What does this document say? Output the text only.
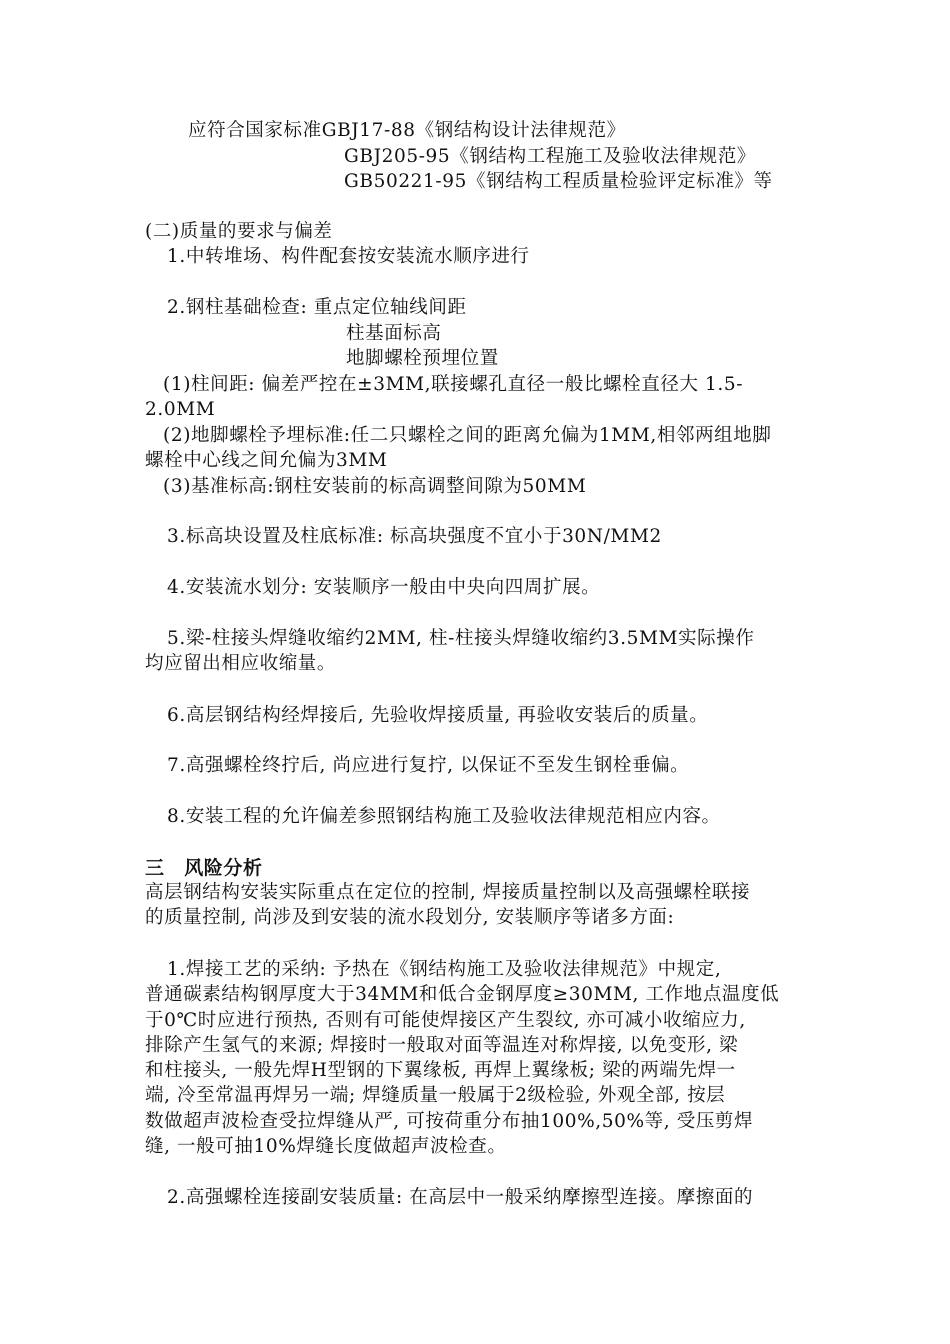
应符合国家标准GBJ17-88《钢结构设计法律规范》
GBJ205-95《钢结构工程施工及验收法律规范》
GB50221-95《钢结构工程质量检验评定标准》等
(二)质量的要求与偏差
1.中转堆场、构件配套按安装流水顺序进行
2.钢柱基础检查: 重点定位轴线间距
柱基面标高
地脚螺栓预埋位置
(1)柱间距: 偏差严控在±3MM,联接螺孔直径一般比螺栓直径大 1.5-
2.0MM
(2)地脚螺栓予埋标准:任二只螺栓之间的距离允偏为1MM,相邻两组地脚
螺栓中心线之间允偏为3MM
(3)基准标高:钢柱安装前的标高调整间隙为50MM
3.标高块设置及柱底标准: 标高块强度不宜小于30N/MM2
4.安装流水划分: 安装顺序一般由中央向四周扩展。
5.梁-柱接头焊缝收缩约2MM, 柱-柱接头焊缝收缩约3.5MM实际操作
均应留出相应收缩量。
6.高层钢结构经焊接后, 先验收焊接质量, 再验收安装后的质量。
7.高强螺栓终拧后, 尚应进行复拧, 以保证不至发生钢栓垂偏。
8.安装工程的允许偏差参照钢结构施工及验收法律规范相应内容。
三　风险分析
高层钢结构安装实际重点在定位的控制, 焊接质量控制以及高强螺栓联接
的质量控制, 尚涉及到安装的流水段划分, 安装顺序等诸多方面:
1.焊接工艺的采纳: 予热在《钢结构施工及验收法律规范》中规定,
普通碳素结构钢厚度大于34MM和低合金钢厚度≥30MM, 工作地点温度低
于0℃时应进行预热, 否则有可能使焊接区产生裂纹, 亦可减小收缩应力,
排除产生氢气的来源; 焊接时一般取对面等温连对称焊接, 以免变形, 梁
和柱接头, 一般先焊H型钢的下翼缘板, 再焊上翼缘板; 梁的两端先焊一
端, 冷至常温再焊另一端; 焊缝质量一般属于2级检验, 外观全部, 按层
数做超声波检查受拉焊缝从严, 可按荷重分布抽100%,50%等, 受压剪焊
缝, 一般可抽10%焊缝长度做超声波检查。
2.高强螺栓连接副安装质量: 在高层中一般采纳摩擦型连接。摩擦面的
